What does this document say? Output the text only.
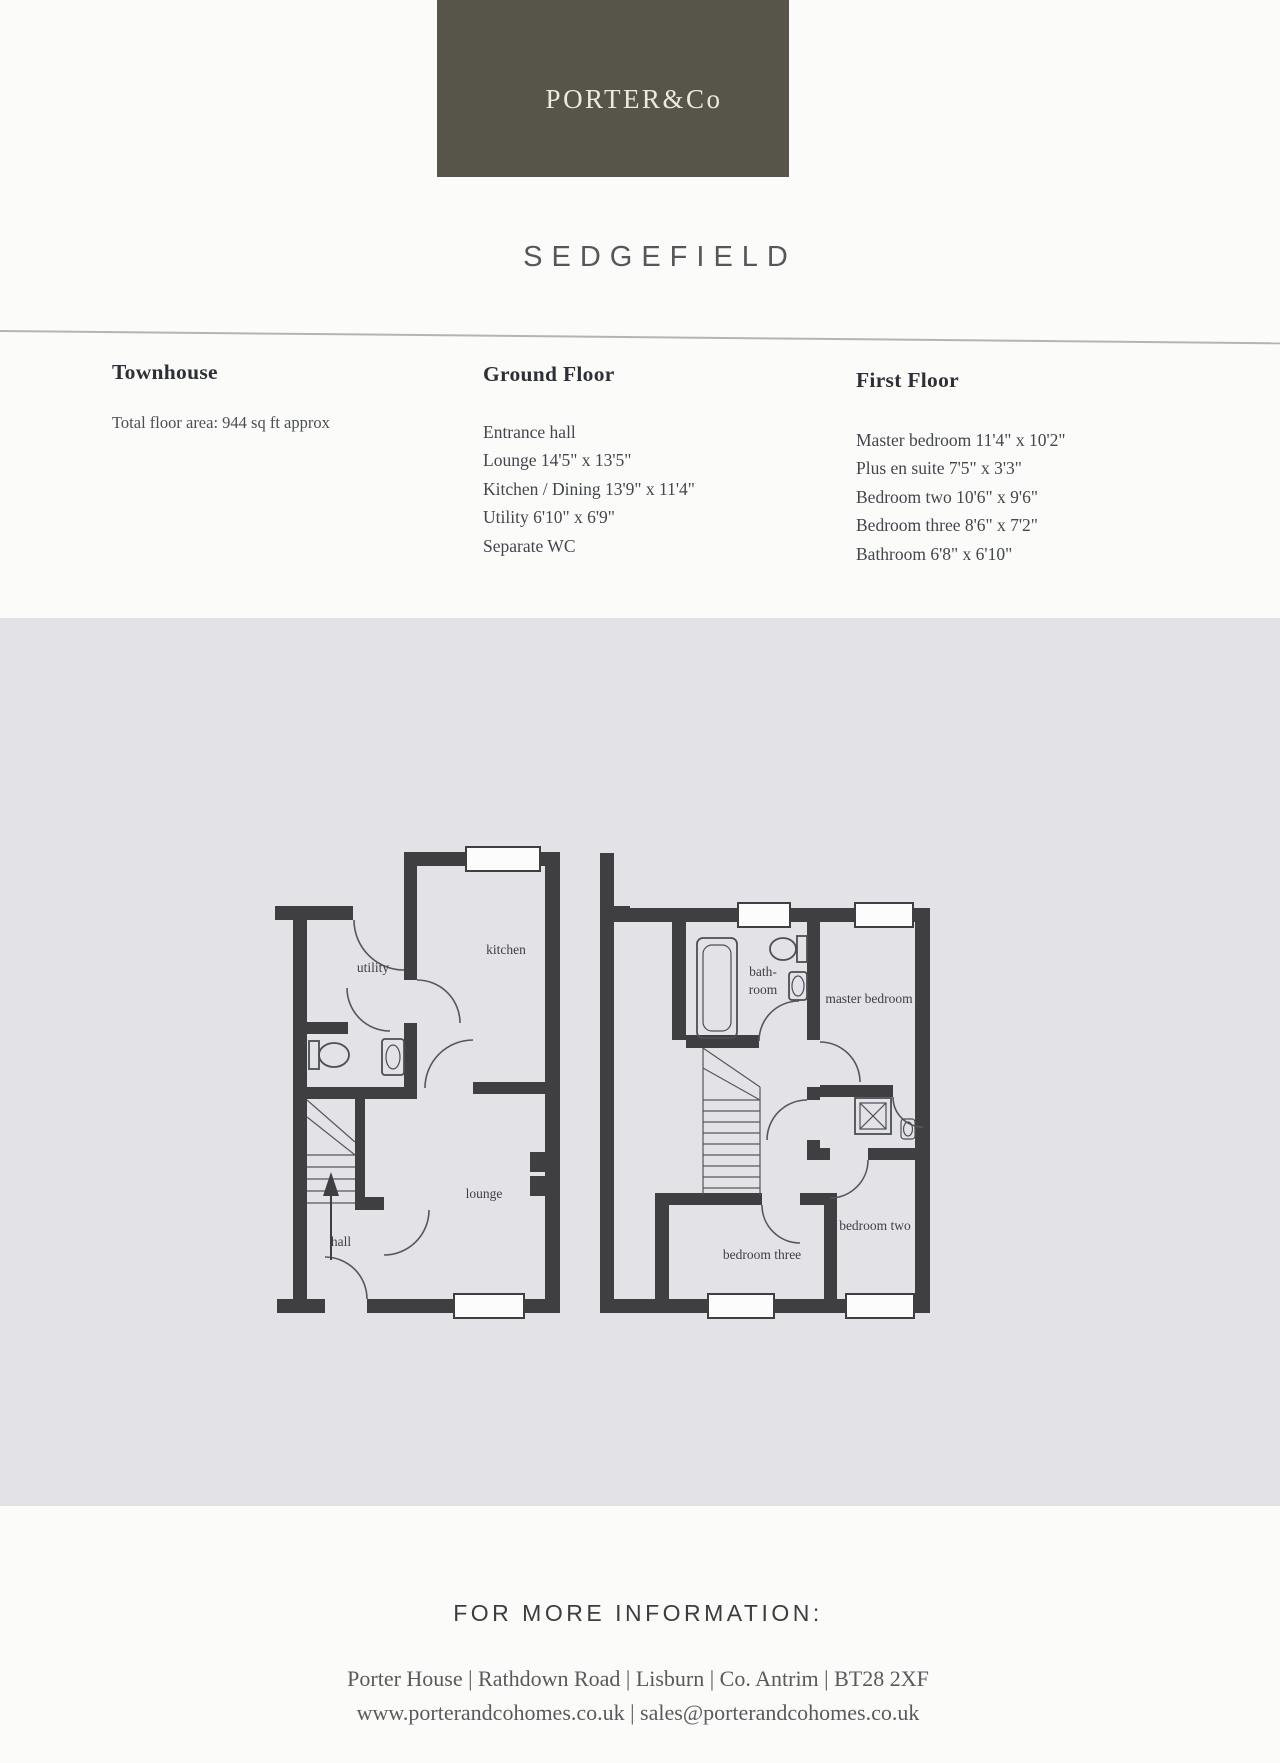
PORTER&Co
SEDGEFIELD
Townhouse
Total floor area: 944 sq ft approx
Ground Floor
Entrance hall
Lounge 14'5" x 13'5"
Kitchen / Dining 13'9" x 11'4"
Utility 6'10" x 6'9"
Separate WC
First Floor
Master bedroom 11'4" x 10'2"
Plus en suite 7'5" x 3'3"
Bedroom two 10'6" x 9'6"
Bedroom three 8'6" x 7'2"
Bathroom 6'8" x 6'10"
utility
kitchen
hall
lounge
bath-
room
master bedroom
bedroom three
bedroom two
FOR MORE INFORMATION:
Porter House | Rathdown Road | Lisburn | Co. Antrim | BT28 2XF
www.porterandcohomes.co.uk | sales@porterandcohomes.co.uk
